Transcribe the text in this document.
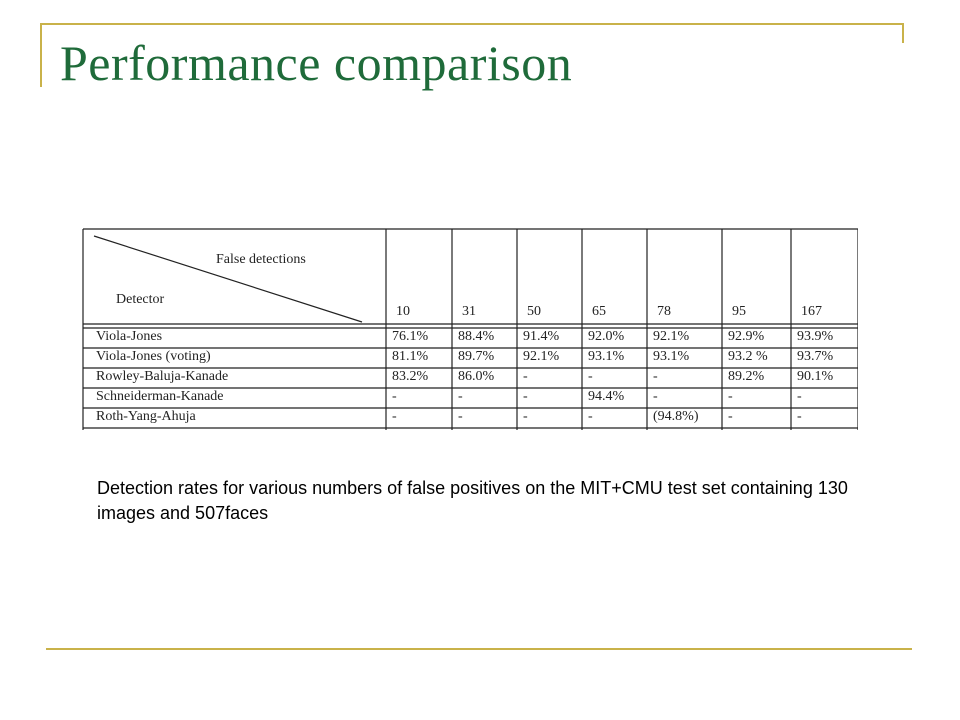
Performance comparison
False detections
Detector
10	31	50	65	78	95	167
Viola-Jones	76.1% 88.4% 91.4% 92.0% 92.1%	92.9% 93.9%
Viola-Jones (voting)	81.1% 89.7% 92.1% 93.1% 93.1%	93.2 % 93.7%
Rowley-Baluja-Kanade	83.2% 86.0% -	-	-	89.2% 90.1%
Schneiderman-Kanade	-	-	-	94.4% -	-	-
Roth-Yang-Ahuja	-	-	-	-	(94.8%) -	-
Detection rates for various numbers of false positives on the MIT+CMU test set containing 130 images and 507faces
